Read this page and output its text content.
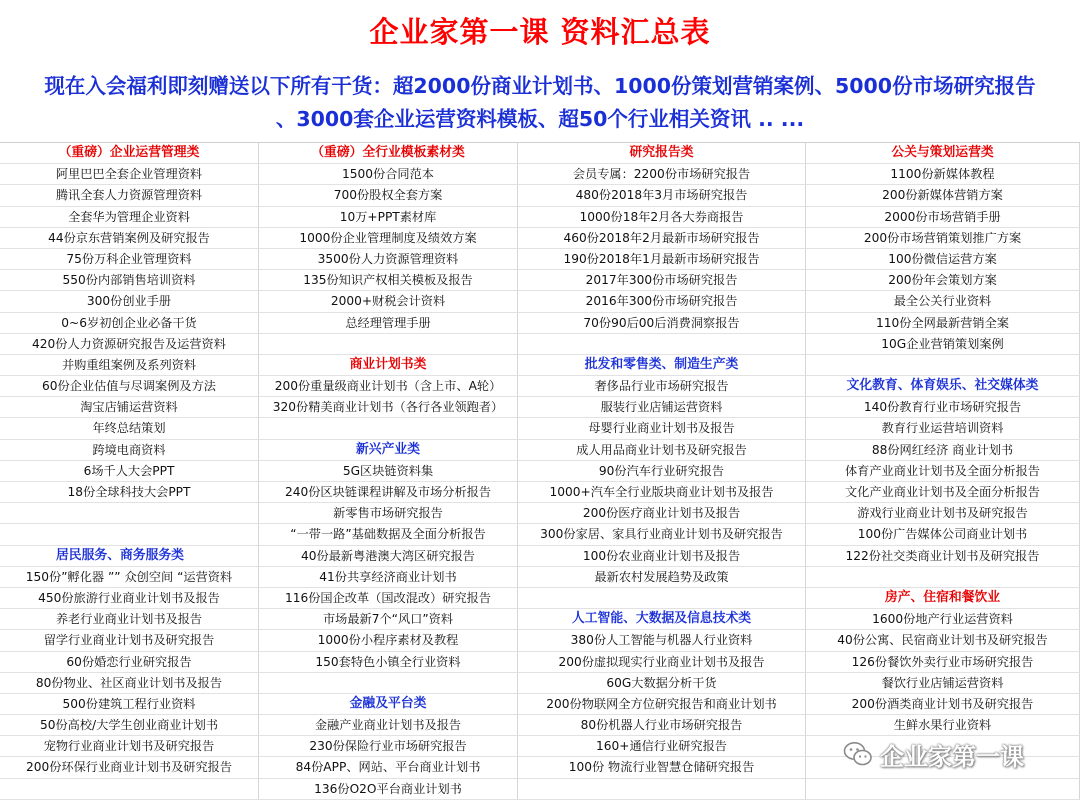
企业家第一课 资料汇总表
现在入会福利即刻赠送以下所有干货：超2000份商业计划书、1000份策划营销案例、5000份市场研究报告
、3000套企业运营资料模板、超50个行业相关资讯 .. ...
（重磅）企业运营管理类
阿里巴巴全套企业管理资料
腾讯全套人力资源管理资料
全套华为管理企业资料
44份京东营销案例及研究报告
75份万科企业管理资料
550份内部销售培训资料
300份创业手册
0~6岁初创企业必备干货
420份人力资源研究报告及运营资料
并购重组案例及系列资料
60份企业估值与尽调案例及方法
淘宝店铺运营资料
年终总结策划
跨境电商资料
6场千人大会PPT
18份全球科技大会PPT
居民服务、商务服务类
150份”孵化器 ”” 众创空间 “运营资料
450份旅游行业商业计划书及报告
养老行业商业计划书及报告
留学行业商业计划书及研究报告
60份婚恋行业研究报告
80份物业、社区商业计划书及报告
500份建筑工程行业资料
50份高校/大学生创业商业计划书
宠物行业商业计划书及研究报告
200份环保行业商业计划书及研究报告
（重磅）全行业模板素材类
1500份合同范本
700份股权全套方案
10万+PPT素材库
1000份企业管理制度及绩效方案
3500份人力资源管理资料
135份知识产权相关模板及报告
2000+财税会计资料
总经理管理手册
商业计划书类
200份重量级商业计划书（含上市、A轮）
320份精美商业计划书（各行各业领跑者）
新兴产业类
5G区块链资料集
240份区块链课程讲解及市场分析报告
新零售市场研究报告
“一带一路”基础数据及全面分析报告
40份最新粤港澳大湾区研究报告
41份共享经济商业计划书
116份国企改革（国改混改）研究报告
市场最新7个“风口”资料
1000份小程序素材及教程
150套特色小镇全行业资料
金融及平台类
金融产业商业计划书及报告
230份保险行业市场研究报告
84份APP、网站、平台商业计划书
136份O2O平台商业计划书
研究报告类
会员专属：2200份市场研究报告
480份2018年3月市场研究报告
1000份18年2月各大券商报告
460份2018年2月最新市场研究报告
190份2018年1月最新市场研究报告
2017年300份市场研究报告
2016年300份市场研究报告
70份90后00后消费洞察报告
批发和零售类、制造生产类
奢侈品行业市场研究报告
服装行业店铺运营资料
母婴行业商业计划书及报告
成人用品商业计划书及研究报告
90份汽车行业研究报告
1000+汽车全行业版块商业计划书及报告
200份医疗商业计划书及报告
300份家居、家具行业商业计划书及研究报告
100份农业商业计划书及报告
最新农村发展趋势及政策
人工智能、大数据及信息技术类
380份人工智能与机器人行业资料
200份虚拟现实行业商业计划书及报告
60G大数据分析干货
200份物联网全方位研究报告和商业计划书
80份机器人行业市场研究报告
160+通信行业研究报告
100份 物流行业智慧仓储研究报告
公关与策划运营类
1100份新媒体教程
200份新媒体营销方案
2000份市场营销手册
200份市场营销策划推广方案
100份微信运营方案
200份年会策划方案
最全公关行业资料
110份全网最新营销全案
10G企业营销策划案例
文化教育、体育娱乐、社交媒体类
140份教育行业市场研究报告
教育行业运营培训资料
88份网红经济 商业计划书
体育产业商业计划书及全面分析报告
文化产业商业计划书及全面分析报告
游戏行业商业计划书及研究报告
100份广告媒体公司商业计划书
122份社交类商业计划书及研究报告
房产、住宿和餐饮业
1600份地产行业运营资料
40份公寓、民宿商业计划书及研究报告
126份餐饮外卖行业市场研究报告
餐饮行业店铺运营资料
200份酒类商业计划书及研究报告
生鲜水果行业资料
企业家第一课
